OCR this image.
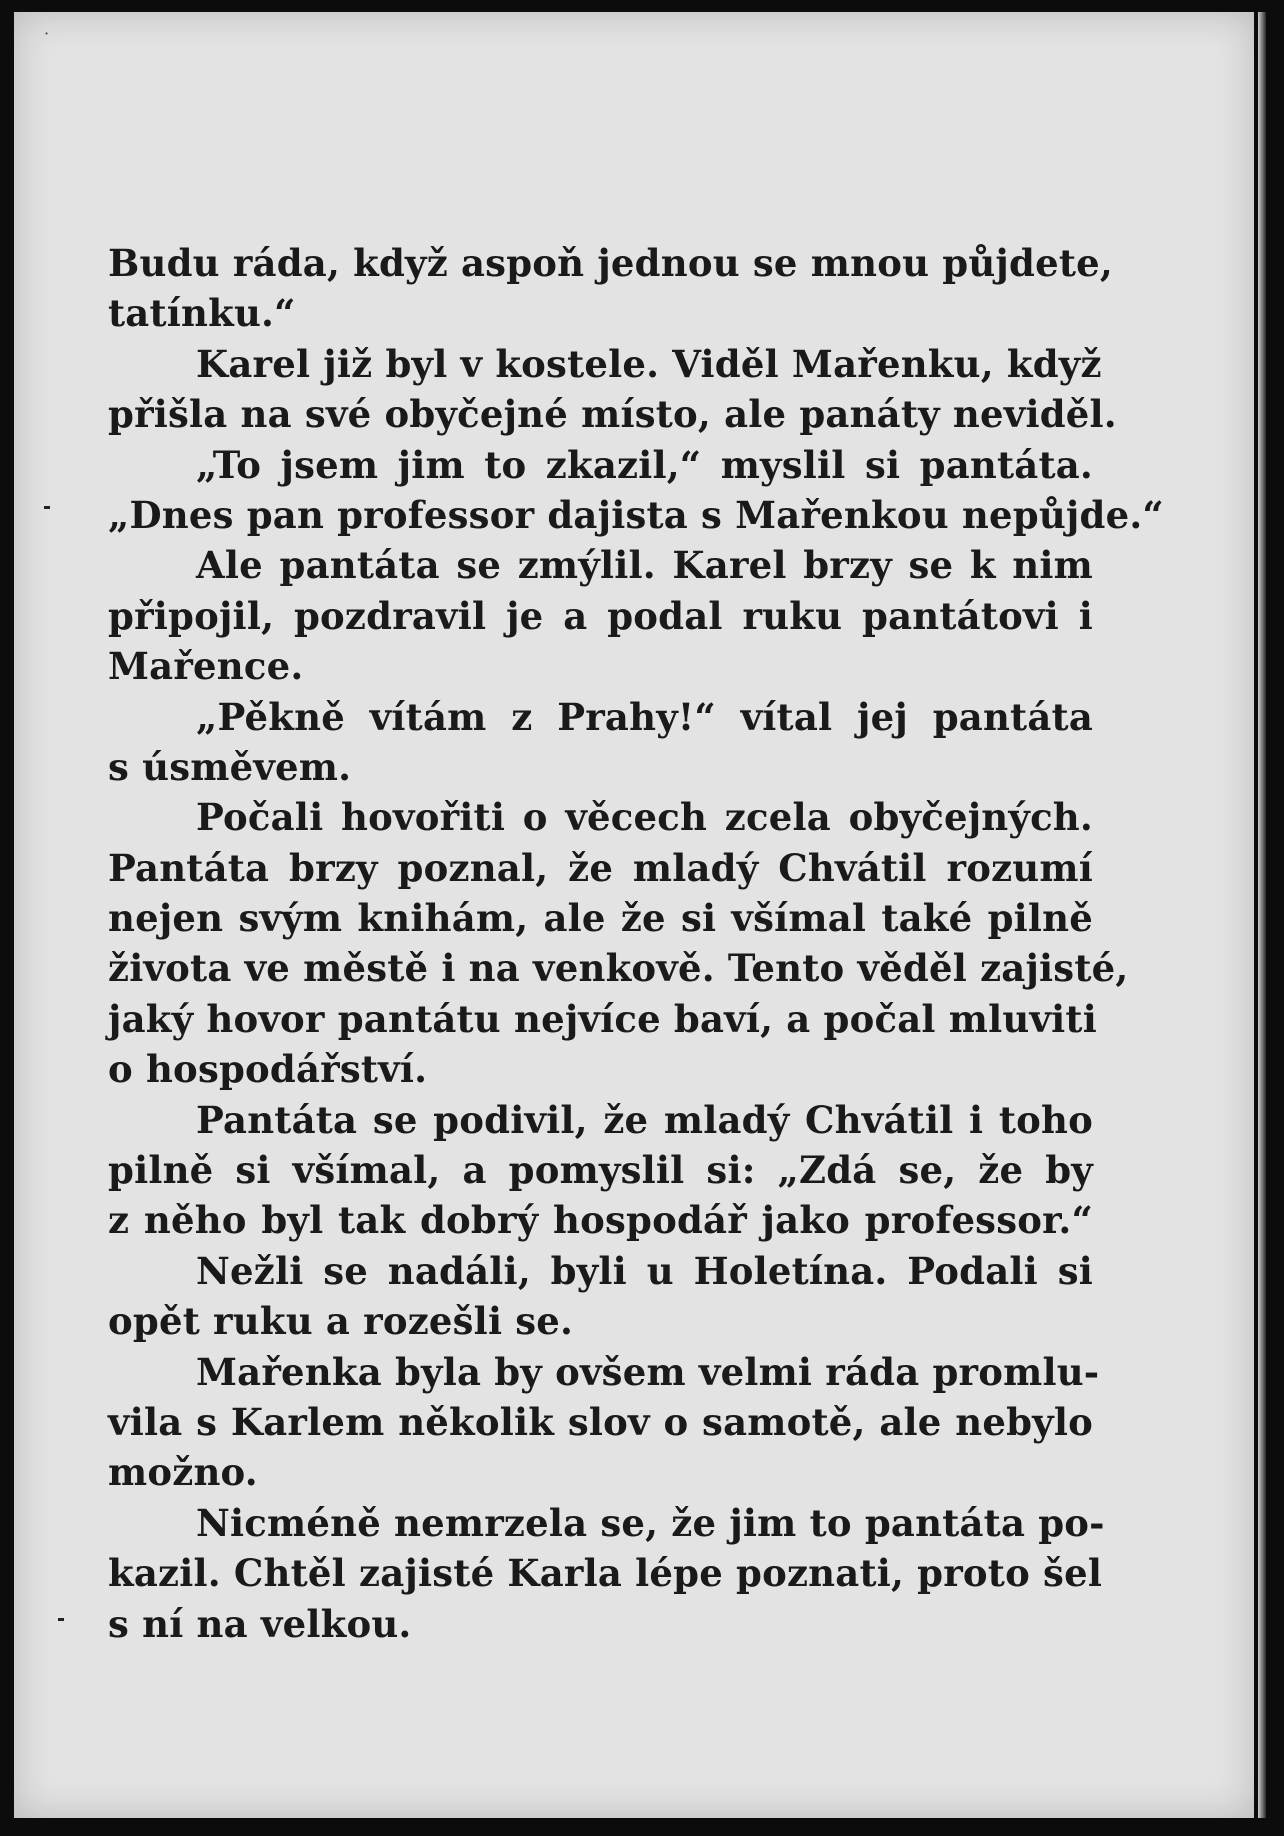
·
Budu ráda, když aspoň jednou se mnou půjdete,
tatínku.“
Karel již byl v kostele. Viděl Mařenku, když
přišla na své obyčejné místo, ale panáty neviděl.
„To jsem jim to zkazil,“ myslil si pantáta.
„Dnes pan professor dajista s Mařenkou nepůjde.“
Ale pantáta se zmýlil. Karel brzy se k nim
připojil, pozdravil je a podal ruku pantátovi i
Mařence.
„Pěkně vítám z Prahy!“ vítal jej pantáta
s úsměvem.
Počali hovořiti o věcech zcela obyčejných.
Pantáta brzy poznal, že mladý Chvátil rozumí
nejen svým knihám, ale že si všímal také pilně
života ve městě i na venkově. Tento věděl zajisté,
jaký hovor pantátu nejvíce baví, a počal mluviti
o hospodářství.
Pantáta se podivil, že mladý Chvátil i toho
pilně si všímal, a pomyslil si: „Zdá se, že by
z něho byl tak dobrý hospodář jako professor.“
Nežli se nadáli, byli u Holetína. Podali si
opět ruku a rozešli se.
Mařenka byla by ovšem velmi ráda promlu-
vila s Karlem několik slov o samotě, ale nebylo
možno.
Nicméně nemrzela se, že jim to pantáta po-
kazil. Chtěl zajisté Karla lépe poznati, proto šel
s ní na velkou.
